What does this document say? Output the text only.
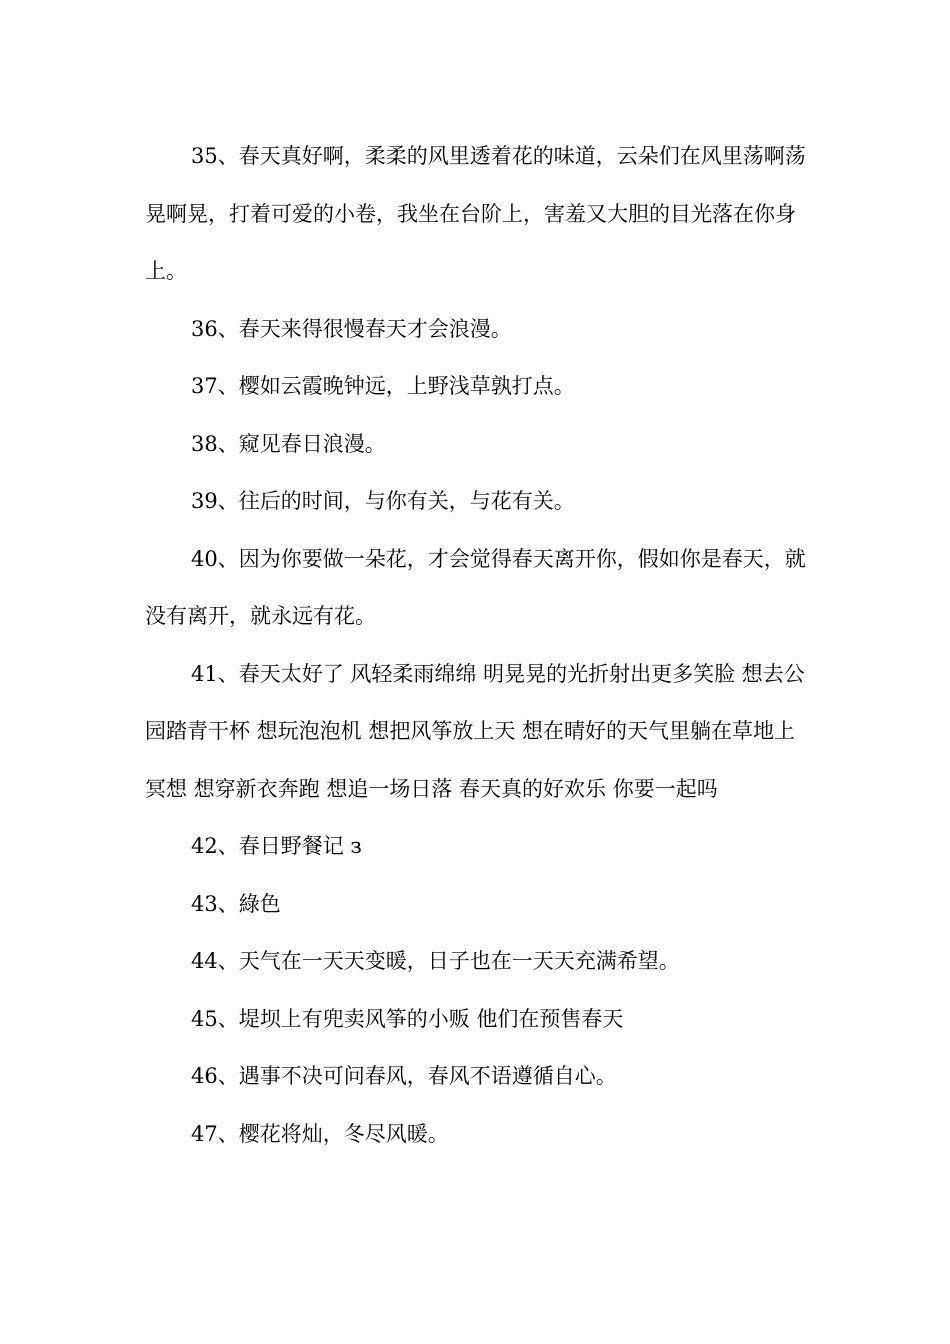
35、春天真好啊，柔柔的风里透着花的味道，云朵们在风里荡啊荡晃啊晃，打着可爱的小卷，我坐在台阶上，害羞又大胆的目光落在你身上。

36、春天来得很慢春天才会浪漫。

37、樱如云霞晚钟远，上野浅草孰打点。

38、窥见春日浪漫。

39、往后的时间，与你有关，与花有关。

40、因为你要做一朵花，才会觉得春天离开你，假如你是春天，就没有离开，就永远有花。

41、春天太好了 风轻柔雨绵绵 明晃晃的光折射出更多笑脸 想去公园踏青干杯 想玩泡泡机 想把风筝放上天 想在晴好的天气里躺在草地上冥想 想穿新衣奔跑 想追一场日落 春天真的好欢乐 你要一起吗

42、春日野餐记 з

43、綠色

44、天气在一天天变暖，日子也在一天天充满希望。

45、堤坝上有兜卖风筝的小贩 他们在预售春天

46、遇事不决可问春风，春风不语遵循自心。

47、樱花将灿，冬尽风暖。
